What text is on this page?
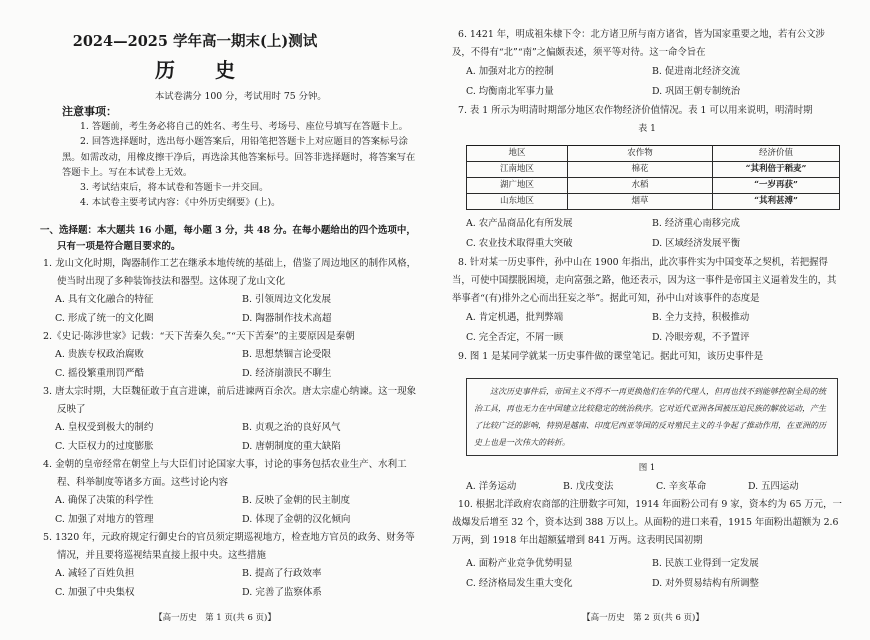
2024—2025 学年高一期末(上)测试
历　　史
本试卷满分 100 分，考试用时 75 分钟。
注意事项：

1. 答题前，考生务必将自己的姓名、考生号、考场号、座位号填写在答题卡上。

2. 回答选择题时，选出每小题答案后，用铅笔把答题卡上对应题目的答案标号涂黑。如需改动，用橡皮擦干净后，再选涂其他答案标号。回答非选择题时，将答案写在答题卡上。写在本试卷上无效。

3. 考试结束后，将本试卷和答题卡一并交回。

4. 本试卷主要考试内容：《中外历史纲要》(上)。

一、选择题：本大题共 16 小题，每小题 3 分，共 48 分。在每小题给出的四个选项中，只有一项是符合题目要求的。

1. 龙山文化时期，陶器制作工艺在继承本地传统的基础上，借鉴了周边地区的制作风格，使当时出现了多种装饰技法和器型。这体现了龙山文化

A. 具有文化融合的特征	B. 引领周边文化发展
C. 形成了统一的文化圈	D. 陶器制作技术高超

2.《史记·陈涉世家》记载：“天下苦秦久矣。”“天下苦秦”的主要原因是秦朝

A. 贵族专权政治腐败	B. 思想禁锢言论受限
C. 摇役繁重刑罚严酷	D. 经济崩溃民不聊生

3. 唐太宗时期，大臣魏征敢于直言进谏，前后进谏两百余次。唐太宗虚心纳谏。这一现象反映了

A. 皇权受到极大的制约	B. 贞观之治的良好风气
C. 大臣权力的过度膨胀	D. 唐朝制度的重大缺陷

4. 金朝的皇帝经常在朝堂上与大臣们讨论国家大事，讨论的事务包括农业生产、水利工程、科举制度等诸多方面。这些讨论内容

A. 确保了决策的科学性	B. 反映了金朝的民主制度
C. 加强了对地方的管理	D. 体现了金朝的汉化倾向

5. 1320 年，元政府规定行御史台的官员须定期巡视地方，检查地方官员的政务、财务等情况，并且要将巡视结果直接上报中央。这些措施

A. 减轻了百姓负担	B. 提高了行政效率
C. 加强了中央集权	D. 完善了监察体系
【高一历史　第 1 页(共 6 页)】

6. 1421 年，明成祖朱棣下令：北方诸卫所与南方诸省，皆为国家重要之地，若有公文涉及，不得有“北”“南”之偏颇表述，须平等对待。这一命令旨在

A. 加强对北方的控制	B. 促进南北经济交流
C. 均衡南北军事力量	D. 巩固王朝专制统治

7. 表 1 所示为明清时期部分地区农作物经济价值情况。表 1 可以用来说明，明清时期

表 1

地区	农作物	经济价值
江南地区	棉花	“其利倍于稻麦”
湖广地区	水稻	“一岁再获”
山东地区	烟草	“其利甚溥”
A. 农产品商品化有所发展	B. 经济重心南移完成
C. 农业技术取得重大突破	D. 区域经济发展平衡

8. 针对某一历史事件，孙中山在 1900 年指出，此次事件实为中国变革之契机，若把握得当，可使中国摆脱困境，走向富强之路，他还表示，因为这一事件是帝国主义逼着发生的，其举事者“(有)排外之心而出狂妄之举”。据此可知，孙中山对该事件的态度是

A. 肯定机遇，批判弊端	B. 全力支持，积极推动
C. 完全否定，不屑一顾	D. 冷眼旁观，不予置评

9. 图 1 是某同学就某一历史事件做的课堂笔记。据此可知，该历史事件是

这次历史事件后，帝国主义不得不一再更换他们在华的代理人，但再也找不到能够控制全局的统治工具，再也无力在中国建立比较稳定的统治秩序。它对近代亚洲各国被压迫民族的解放运动，产生了比较广泛的影响，特别是越南、印度尼西亚等国的反对殖民主义的斗争起了推动作用，在亚洲的历史上也是一次伟大的转折。

图 1

A. 洋务运动	B. 戊戌变法	C. 辛亥革命	D. 五四运动

10. 根据北洋政府农商部的注册数字可知，1914 年面粉公司有 9 家，资本约为 65 万元，一战爆发后增至 32 个，资本达到 388 万以上。从面粉的进口来看，1915 年面粉出超额为 2.6 万两，到 1918 年出超额猛增到 841 万两。这表明民国初期

A. 面粉产业竞争优势明显	B. 民族工业得到一定发展
C. 经济格局发生重大变化	D. 对外贸易结构有所调整
【高一历史　第 2 页(共 6 页)】
